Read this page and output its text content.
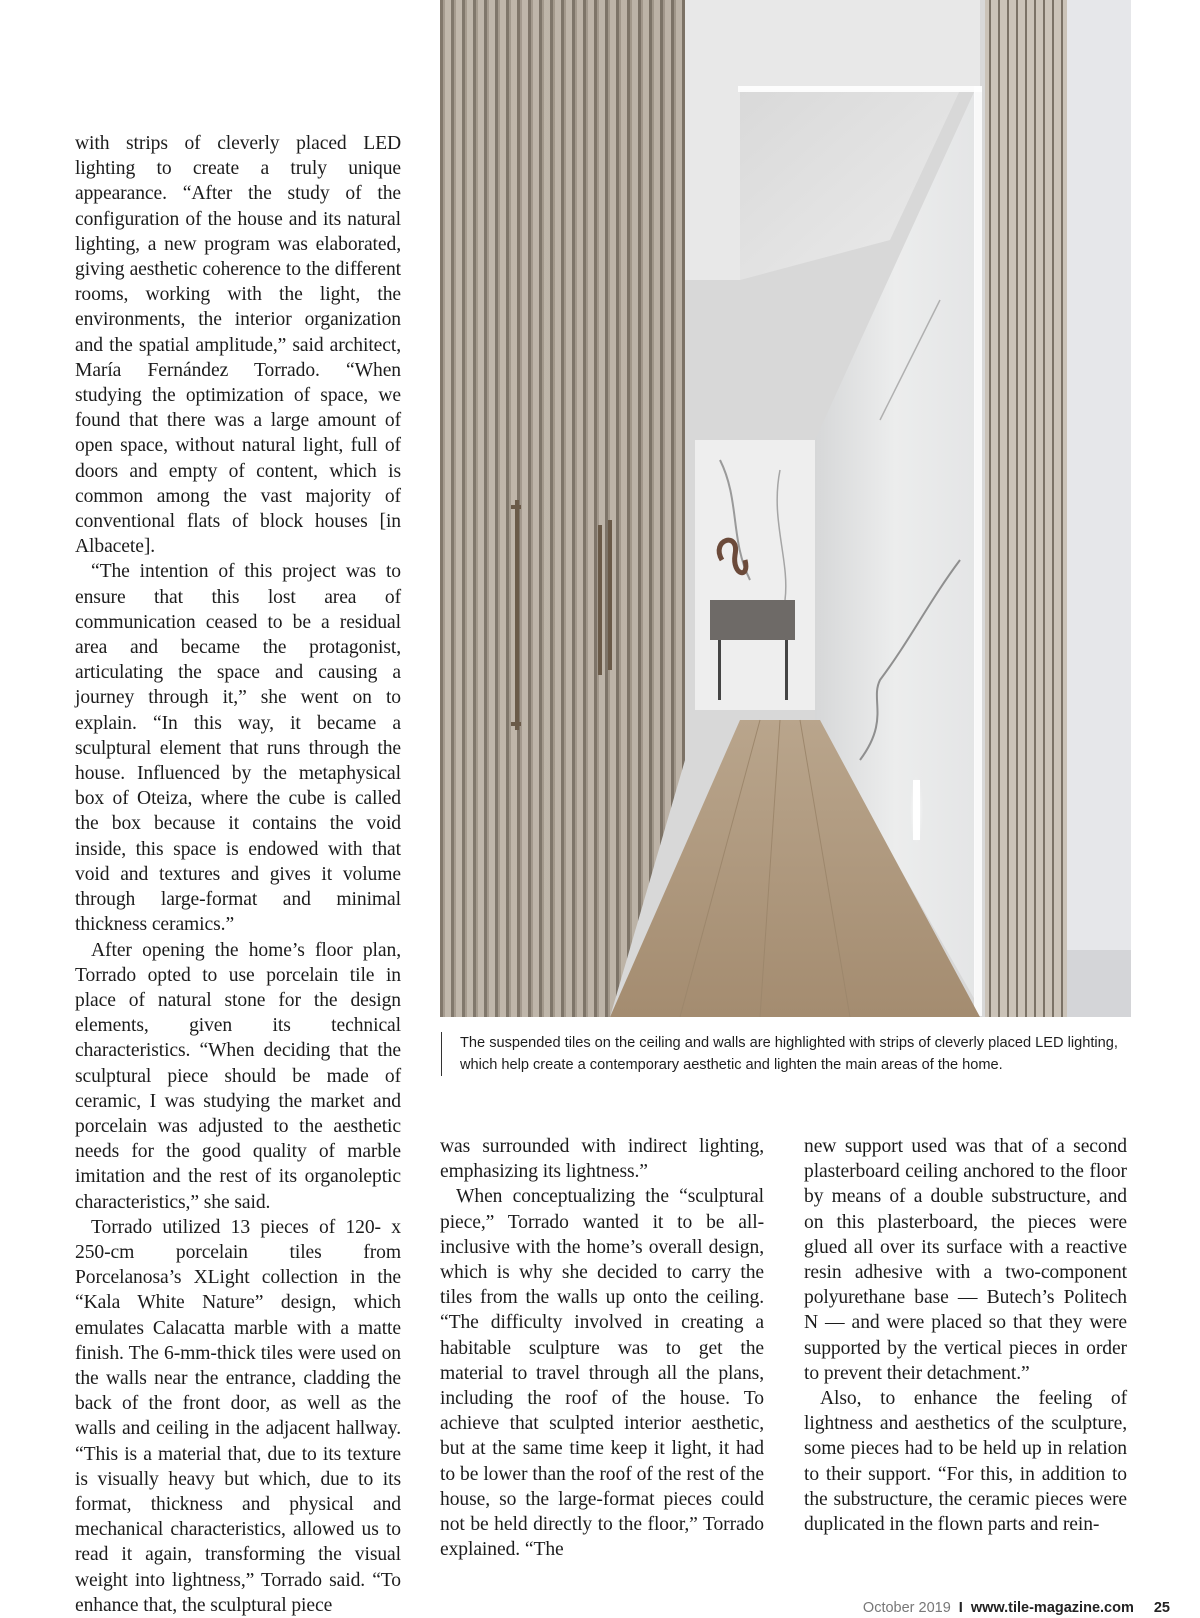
with strips of cleverly placed LED lighting to create a truly unique appearance. “After the study of the configuration of the house and its natural lighting, a new program was elaborated, giving aesthetic coherence to the different rooms, working with the light, the environments, the interior organization and the spatial amplitude,” said architect, María Fernández Torrado. “When studying the optimization of space, we found that there was a large amount of open space, without natural light, full of doors and empty of content, which is common among the vast majority of conventional flats of block houses [in Albacete].

“The intention of this project was to ensure that this lost area of communication ceased to be a residual area and became the protagonist, articulating the space and causing a journey through it,” she went on to explain. “In this way, it became a sculptural element that runs through the house. Influenced by the metaphysical box of Oteiza, where the cube is called the box because it contains the void inside, this space is endowed with that void and textures and gives it volume through large-format and minimal thickness ceramics.”

After opening the home’s floor plan, Torrado opted to use porcelain tile in place of natural stone for the design elements, given its technical characteristics. “When deciding that the sculptural piece should be made of ceramic, I was studying the market and porcelain was adjusted to the aesthetic needs for the good quality of marble imitation and the rest of its organoleptic characteristics,” she said.

Torrado utilized 13 pieces of 120- x 250-cm porcelain tiles from Porcelanosa’s XLight collection in the “Kala White Nature” design, which emulates Calacatta marble with a matte finish. The 6-mm-thick tiles were used on the walls near the entrance, cladding the back of the front door, as well as the walls and ceiling in the adjacent hallway. “This is a material that, due to its texture is visually heavy but which, due to its format, thickness and physical and mechanical characteristics, allowed us to read it again, transforming the visual weight into lightness,” Torrado said. “To enhance that, the sculptural piece

The suspended tiles on the ceiling and walls are highlighted with strips of cleverly placed LED lighting, which help create a contemporary aesthetic and lighten the main areas of the home.

was surrounded with indirect lighting, emphasizing its lightness.”

When conceptualizing the “sculptural piece,” Torrado wanted it to be all-inclusive with the home’s overall design, which is why she decided to carry the tiles from the walls up onto the ceiling. “The difficulty involved in creating a habitable sculpture was to get the material to travel through all the plans, including the roof of the house. To achieve that sculpted interior aesthetic, but at the same time keep it light, it had to be lower than the roof of the rest of the house, so the large-format pieces could not be held directly to the floor,” Torrado explained. “The

new support used was that of a second plasterboard ceiling anchored to the floor by means of a double substructure, and on this plasterboard, the pieces were glued all over its surface with a reactive resin adhesive with a two-component polyurethane base — Butech’s Politech N — and were placed so that they were supported by the vertical pieces in order to prevent their detachment.”

Also, to enhance the feeling of lightness and aesthetics of the sculpture, some pieces had to be held up in relation to their support. “For this, in addition to the substructure, the ceramic pieces were duplicated in the flown parts and rein-

October 2019 I www.tile-magazine.com 25
